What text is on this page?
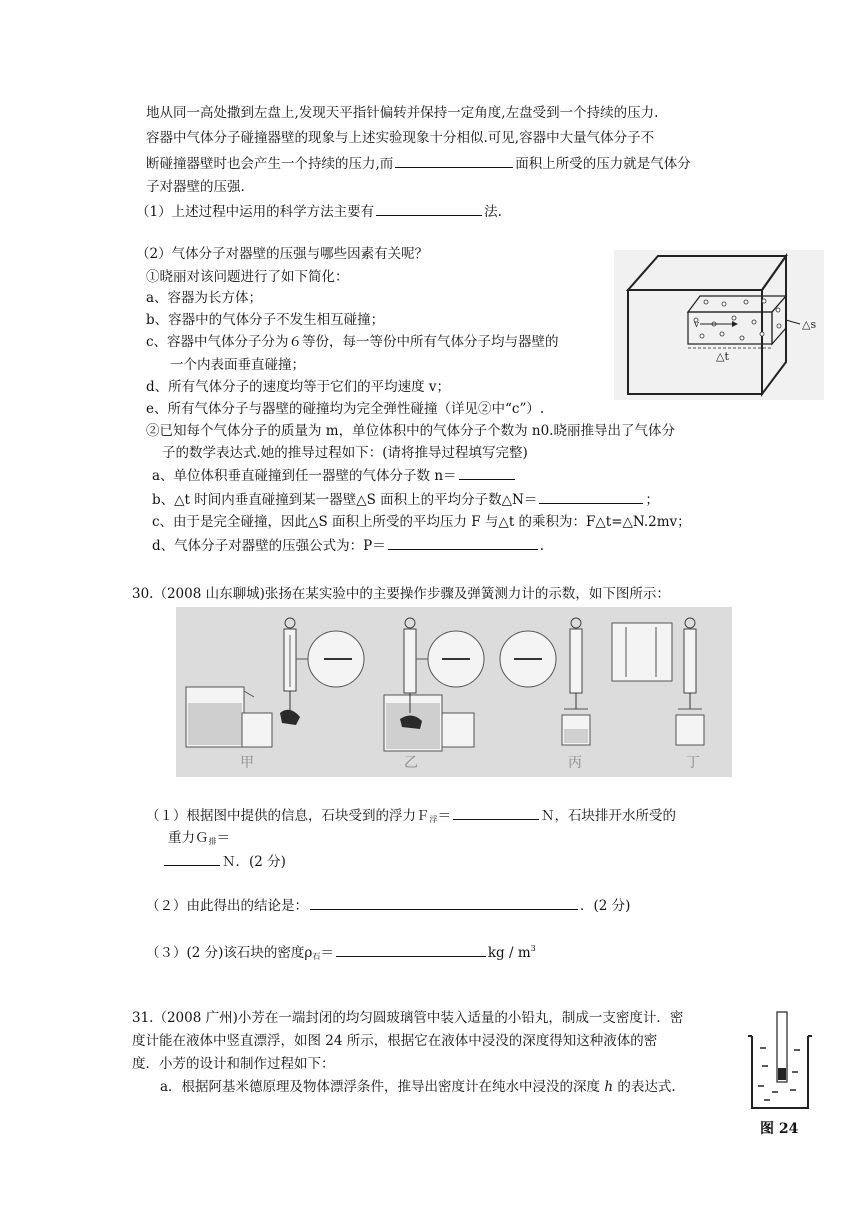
地从同一高处撒到左盘上,发现天平指针偏转并保持一定角度,左盘受到一个持续的压力.
容器中气体分子碰撞器壁的现象与上述实验现象十分相似.可见,容器中大量气体分子不
断碰撞器壁时也会产生一个持续的压力,而	面积上所受的压力就是气体分
子对器壁的压强.
（1）上述过程中运用的科学方法主要有	法.
（2）气体分子对器壁的压强与哪些因素有关呢？
①晓丽对该问题进行了如下简化：
a、容器为长方体；
b、容器中的气体分子不发生相互碰撞；
c、容器中气体分子分为６等份，每一等份中所有气体分子均与器壁的
一个内表面垂直碰撞；
d、所有气体分子的速度均等于它们的平均速度 v；
e、所有气体分子与器壁的碰撞均为完全弹性碰撞（详见②中“c”）.
②已知每个气体分子的质量为 m，单位体积中的气体分子个数为 n0.晓丽推导出了气体分
子的数学表达式.她的推导过程如下：(请将推导过程填写完整)
a、单位体积垂直碰撞到任一器壁的气体分子数 n＝
b、△t 时间内垂直碰撞到某一器壁△S 面积上的平均分子数△N＝	；
c、由于是完全碰撞，因此△S 面积上所受的平均压力 F 与△t 的乘积为：F△t=△N.2mv；
d、气体分子对器壁的压强公式为：P＝	.
v	△s
△t
30.（2008 山东聊城)张扬在某实验中的主要操作步骤及弹簧测力计的示数，如下图所示：
甲	乙	丙	丁
（１）根据图中提供的信息，石块受到的浮力Ｆ$_浮$＝	Ｎ，石块排开水所受的
重力Ｇ$_排$＝
Ｎ．(2 分)
（２）由此得出的结论是：	．(2 分)
（３）(2 分)该石块的密度$\rho_石=$	kg / $m^3$
31.（2008 广州)小芳在一端封闭的均匀圆玻璃管中装入适量的小铅丸，制成一支密度计．密
度计能在液体中竖直漂浮，如图 24 所示，根据它在液体中浸没的深度得知这种液体的密
度．小芳的设计和制作过程如下：
a．根据阿基米德原理及物体漂浮条件，推导出密度计在纯水中浸没的深度 h 的表达式.
图 24
